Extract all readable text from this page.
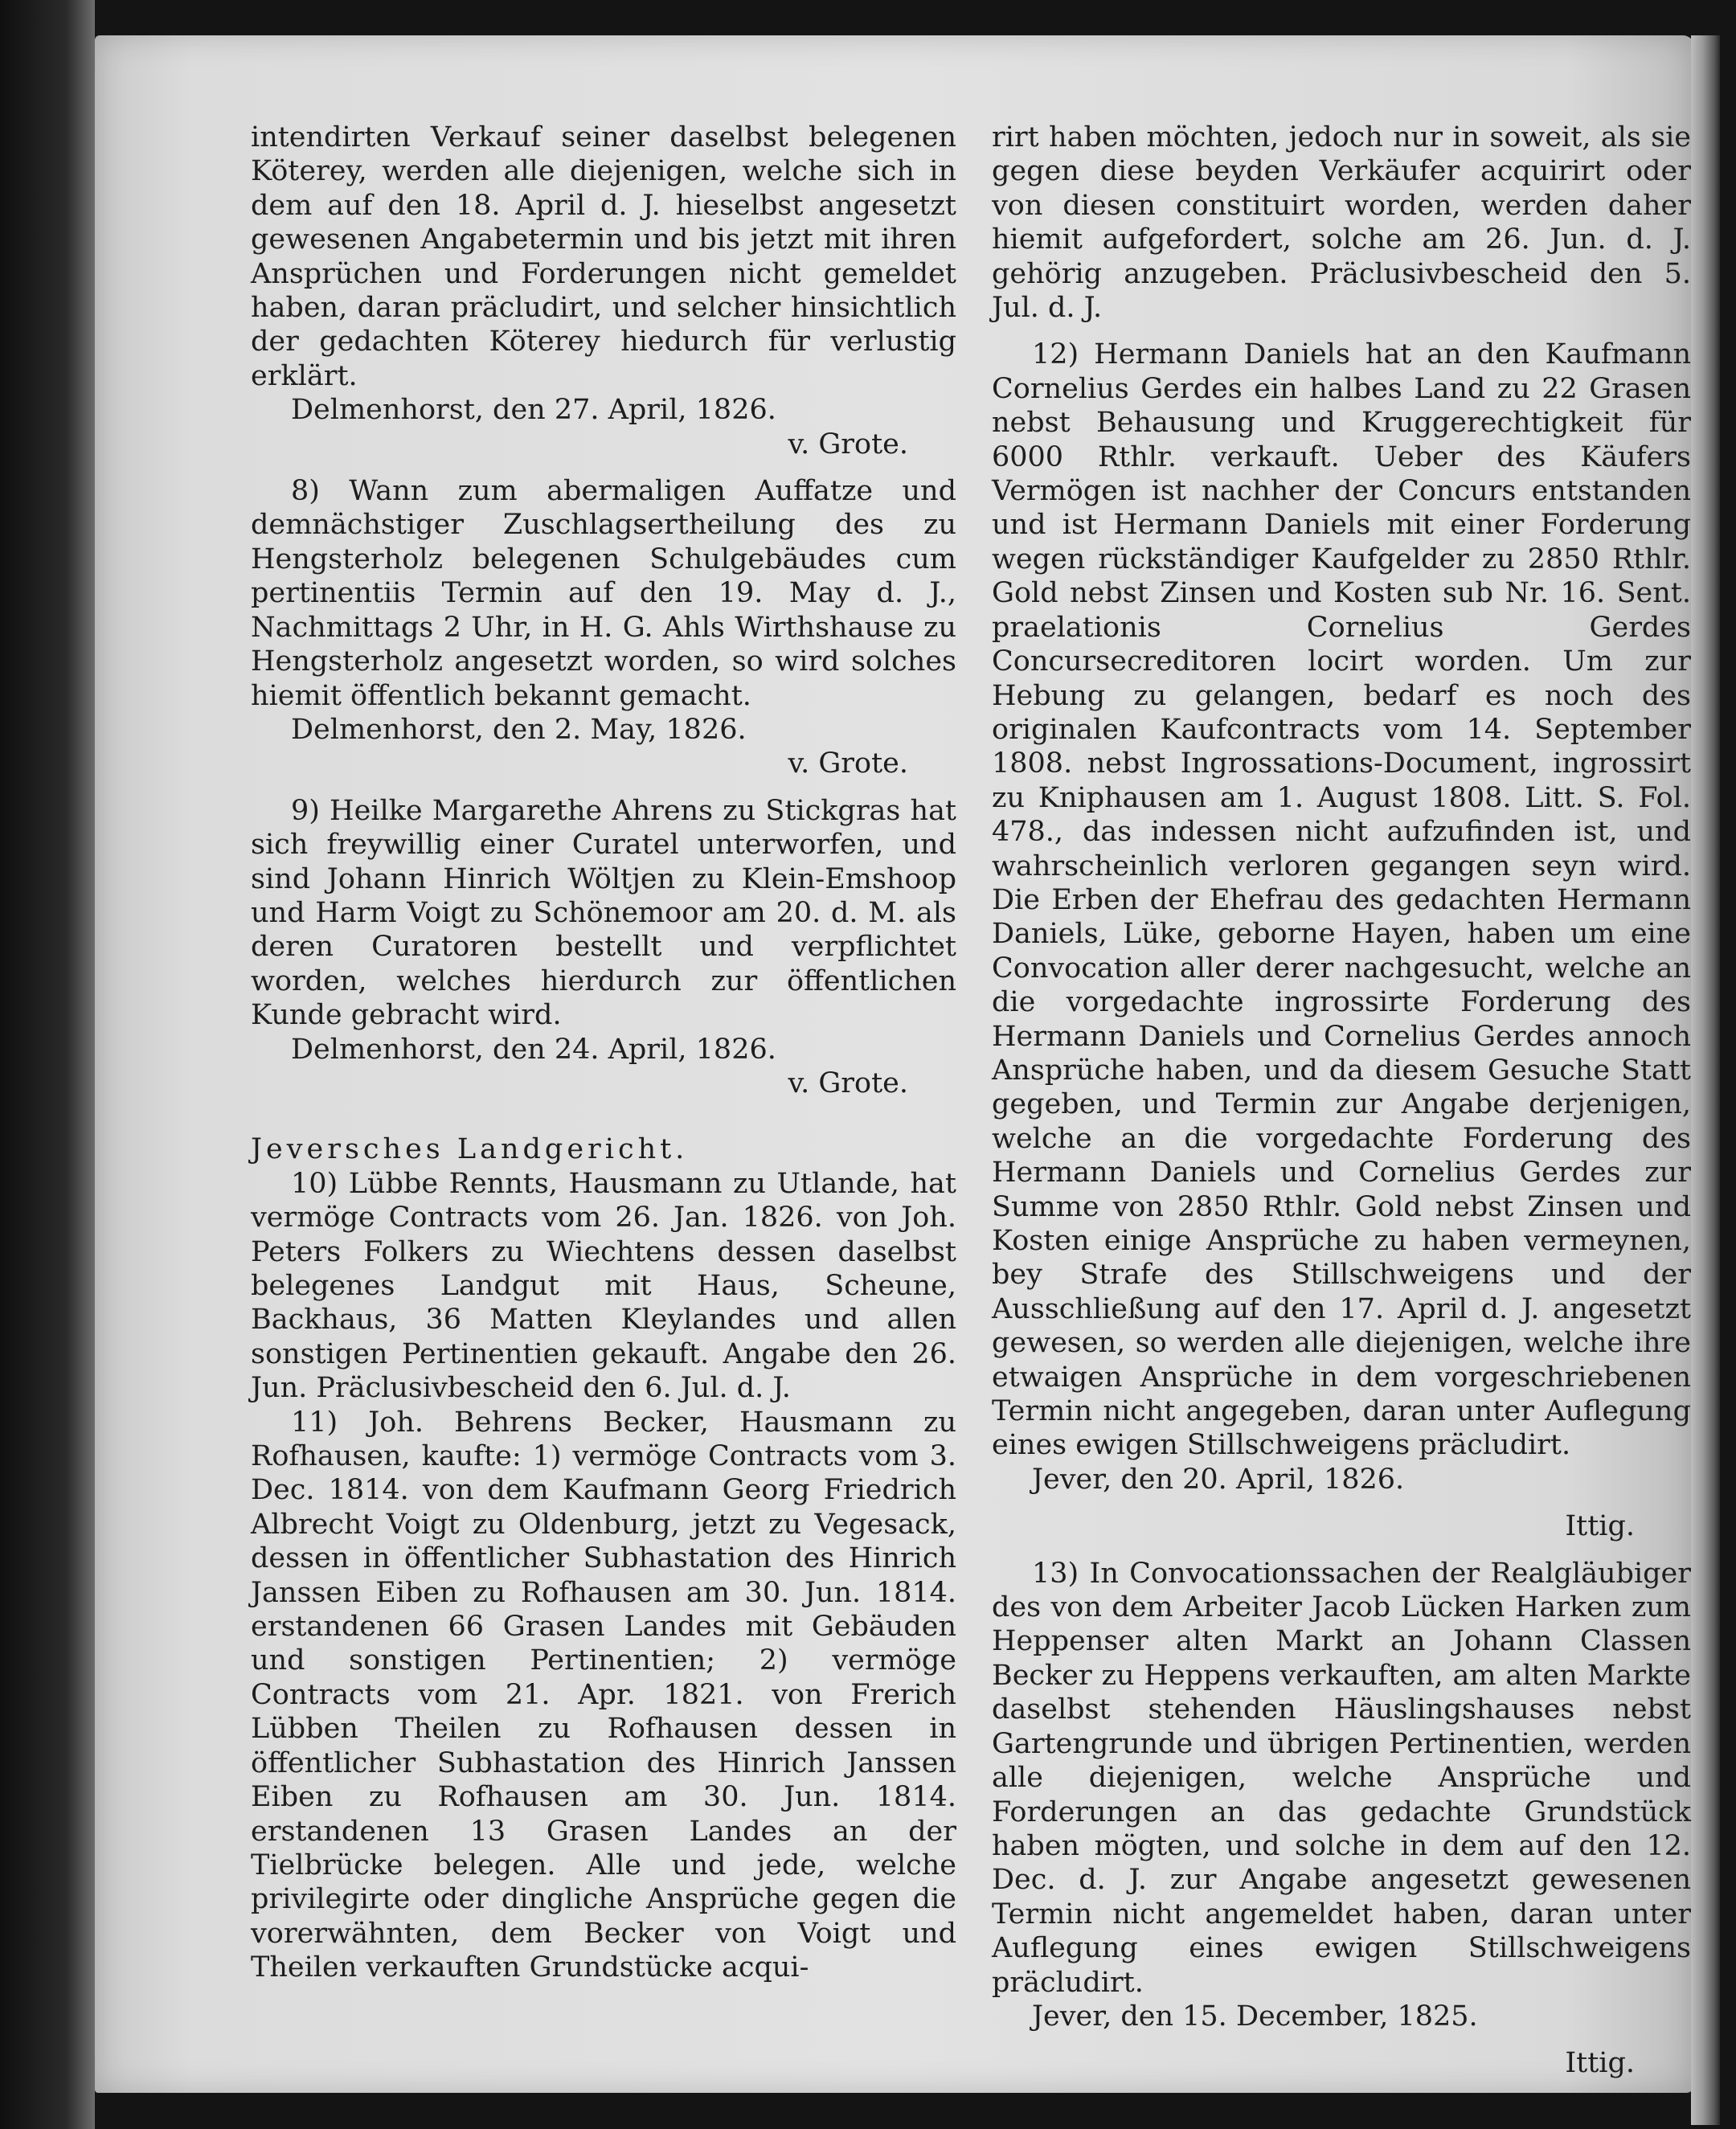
intendirten Verkauf seiner daselbst belegenen Köterey, werden alle diejenigen, welche sich in dem auf den 18. April d. J. hieselbst angesetzt gewesenen Angabetermin und bis jetzt mit ihren Ansprüchen und Forderungen nicht gemeldet haben, daran präcludirt, und selcher hinsichtlich der gedachten Köterey hiedurch für verlustig erklärt.

Delmenhorst, den 27. April, 1826.

v. Grote.

8) Wann zum abermaligen Auffatze und demnächstiger Zuschlagsertheilung des zu Hengsterholz belegenen Schulgebäudes cum pertinentiis Termin auf den 19. May d. J., Nachmittags 2 Uhr, in H. G. Ahls Wirthshause zu Hengsterholz angesetzt worden, so wird solches hiemit öffentlich bekannt gemacht.

Delmenhorst, den 2. May, 1826.

v. Grote.

9) Heilke Margarethe Ahrens zu Stickgras hat sich freywillig einer Curatel unterworfen, und sind Johann Hinrich Wöltjen zu Klein-Emshoop und Harm Voigt zu Schönemoor am 20. d. M. als deren Curatoren bestellt und verpflichtet worden, welches hierdurch zur öffentlichen Kunde gebracht wird.

Delmenhorst, den 24. April, 1826.

v. Grote.

Jeversches Landgericht.

10) Lübbe Rennts, Hausmann zu Utlande, hat vermöge Contracts vom 26. Jan. 1826. von Joh. Peters Folkers zu Wiechtens dessen daselbst belegenes Landgut mit Haus, Scheune, Backhaus, 36 Matten Kleylandes und allen sonstigen Pertinentien gekauft. Angabe den 26. Jun. Präclusivbescheid den 6. Jul. d. J.

11) Joh. Behrens Becker, Hausmann zu Rofhausen, kaufte: 1) vermöge Contracts vom 3. Dec. 1814. von dem Kaufmann Georg Friedrich Albrecht Voigt zu Oldenburg, jetzt zu Vegesack, dessen in öffentlicher Subhastation des Hinrich Janssen Eiben zu Rofhausen am 30. Jun. 1814. erstandenen 66 Grasen Landes mit Gebäuden und sonstigen Pertinentien; 2) vermöge Contracts vom 21. Apr. 1821. von Frerich Lübben Theilen zu Rofhausen dessen in öffentlicher Subhastation des Hinrich Janssen Eiben zu Rofhausen am 30. Jun. 1814. erstandenen 13 Grasen Landes an der Tielbrücke belegen. Alle und jede, welche privilegirte oder dingliche Ansprüche gegen die vorerwähnten, dem Becker von Voigt und Theilen verkauften Grundstücke acqui-

rirt haben möchten, jedoch nur in soweit, als sie gegen diese beyden Verkäufer acquirirt oder von diesen constituirt worden, werden daher hiemit aufgefordert, solche am 26. Jun. d. J. gehörig anzugeben. Präclusivbescheid den 5. Jul. d. J.

12) Hermann Daniels hat an den Kaufmann Cornelius Gerdes ein halbes Land zu 22 Grasen nebst Behausung und Kruggerechtigkeit für 6000 Rthlr. verkauft. Ueber des Käufers Vermögen ist nachher der Concurs entstanden und ist Hermann Daniels mit einer Forderung wegen rückständiger Kaufgelder zu 2850 Rthlr. Gold nebst Zinsen und Kosten sub Nr. 16. Sent. praelationis Cornelius Gerdes Concursecreditoren locirt worden. Um zur Hebung zu gelangen, bedarf es noch des originalen Kaufcontracts vom 14. September 1808. nebst Ingrossations-Document, ingrossirt zu Kniphausen am 1. August 1808. Litt. S. Fol. 478., das indessen nicht aufzufinden ist, und wahrscheinlich verloren gegangen seyn wird. Die Erben der Ehefrau des gedachten Hermann Daniels, Lüke, geborne Hayen, haben um eine Convocation aller derer nachgesucht, welche an die vorgedachte ingrossirte Forderung des Hermann Daniels und Cornelius Gerdes annoch Ansprüche haben, und da diesem Gesuche Statt gegeben, und Termin zur Angabe derjenigen, welche an die vorgedachte Forderung des Hermann Daniels und Cornelius Gerdes zur Summe von 2850 Rthlr. Gold nebst Zinsen und Kosten einige Ansprüche zu haben vermeynen, bey Strafe des Stillschweigens und der Ausschließung auf den 17. April d. J. angesetzt gewesen, so werden alle diejenigen, welche ihre etwaigen Ansprüche in dem vorgeschriebenen Termin nicht angegeben, daran unter Auflegung eines ewigen Stillschweigens präcludirt.

Jever, den 20. April, 1826.

Ittig.

13) In Convocationssachen der Realgläubiger des von dem Arbeiter Jacob Lücken Harken zum Heppenser alten Markt an Johann Classen Becker zu Heppens verkauften, am alten Markte daselbst stehenden Häuslingshauses nebst Gartengrunde und übrigen Pertinentien, werden alle diejenigen, welche Ansprüche und Forderungen an das gedachte Grundstück haben mögten, und solche in dem auf den 12. Dec. d. J. zur Angabe angesetzt gewesenen Termin nicht angemeldet haben, daran unter Auflegung eines ewigen Stillschweigens präcludirt.

Jever, den 15. December, 1825.

Ittig.
